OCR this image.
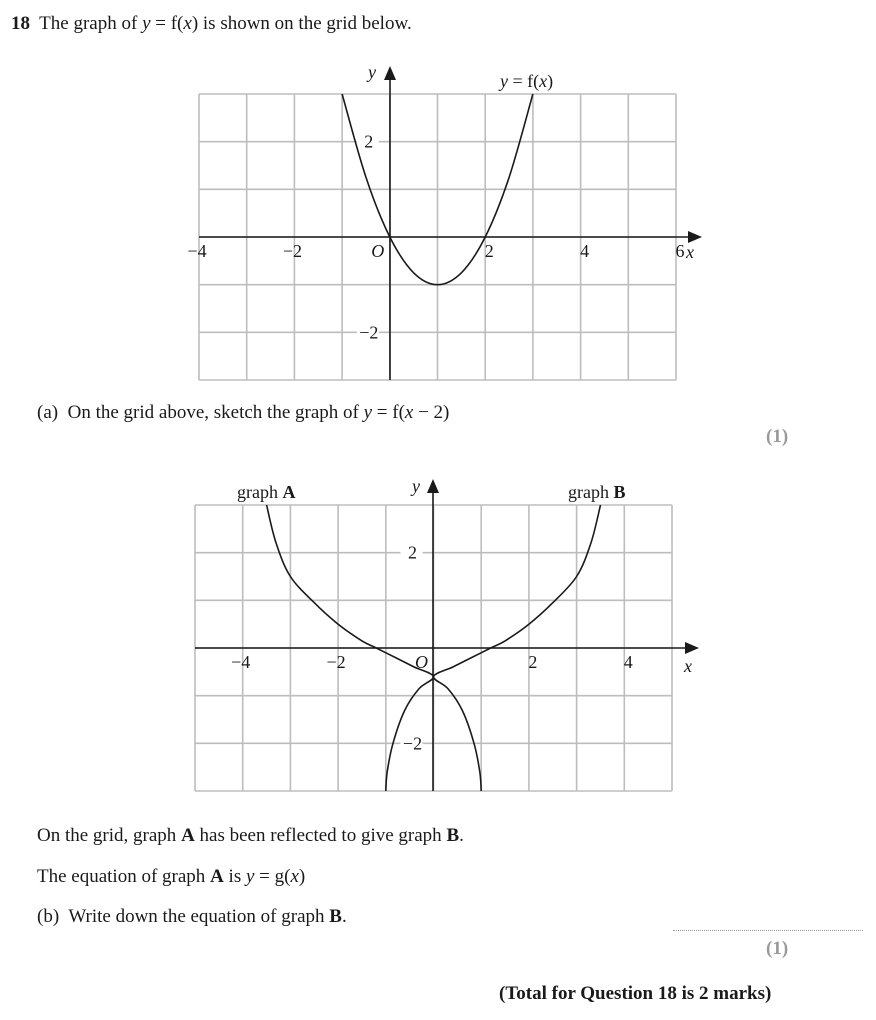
18 The graph of y = f(x) is shown on the grid below.
−4	−2	2	4	6
2
−2
O	x
y	y = f(x)
−4	−2	2	4
2
−2
O	x
y
graph A	graph B
(a) On the grid above, sketch the graph of y = f(x − 2)
(1)
On the grid, graph A has been reflected to give graph B.
The equation of graph A is y = g(x)
(b) Write down the equation of graph B.
(1)
(Total for Question 18 is 2 marks)
